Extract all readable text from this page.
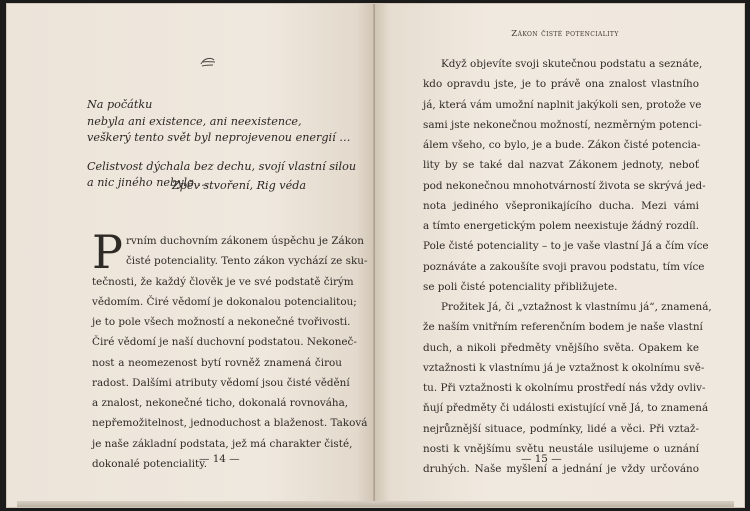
Na počátku
nebyla ani existence, ani neexistence,
veškerý tento svět byl neprojevenou energií …
Celistvost dýchala bez dechu, svojí vlastní silou
a nic jiného nebylo …
Zpěv stvoření, Rig véda
P rvním duchovním zákonem úspěchu je Zákon
čisté potenciality. Tento zákon vychází ze sku-
tečnosti, že každý člověk je ve své podstatě čirým
vědomím. Čiré vědomí je dokonalou potencialitou;
je to pole všech možností a nekonečné tvořivosti.
Čiré vědomí je naší duchovní podstatou. Nekoneč-
nost a neomezenost bytí rovněž znamená čirou
radost. Dalšími atributy vědomí jsou čisté vědění
a znalost, nekonečné ticho, dokonalá rovnováha,
nepřemožitelnost, jednoduchost a blaženost. Taková
je naše základní podstata, jež má charakter čisté,
dokonalé potenciality.
— 14 —
Zákon čisté potenciality
Když objevíte svoji skutečnou podstatu a seznáte,
kdo opravdu jste, je to právě ona znalost vlastního
já, která vám umožní naplnit jakýkoli sen, protože ve
sami jste nekonečnou možností, nezměrným potenci-
álem všeho, co bylo, je a bude. Zákon čisté potencia-
lity by se také dal nazvat Zákonem jednoty, neboť
pod nekonečnou mnohotvárností života se skrývá jed-
nota jediného všepronikajícího ducha. Mezi vámi
a tímto energetickým polem neexistuje žádný rozdíl.
Pole čisté potenciality – to je vaše vlastní Já a čím více
poznáváte a zakoušíte svoji pravou podstatu, tím více
se poli čisté potenciality přibližujete.
Prožitek Já, či „vztažnost k vlastnímu já“, znamená,
že naším vnitřním referenčním bodem je naše vlastní
duch, a nikoli předměty vnějšího světa. Opakem ke
vztažnosti k vlastnímu já je vztažnost k okolnímu svě-
tu. Při vztažnosti k okolnímu prostředí nás vždy ovliv-
ňují předměty či události existující vně Já, to znamená
nejrůznější situace, podmínky, lidé a věci. Při vztaž-
nosti k vnějšímu světu neustále usilujeme o uznání
druhých. Naše myšlení a jednání je vždy určováno
— 15 —
